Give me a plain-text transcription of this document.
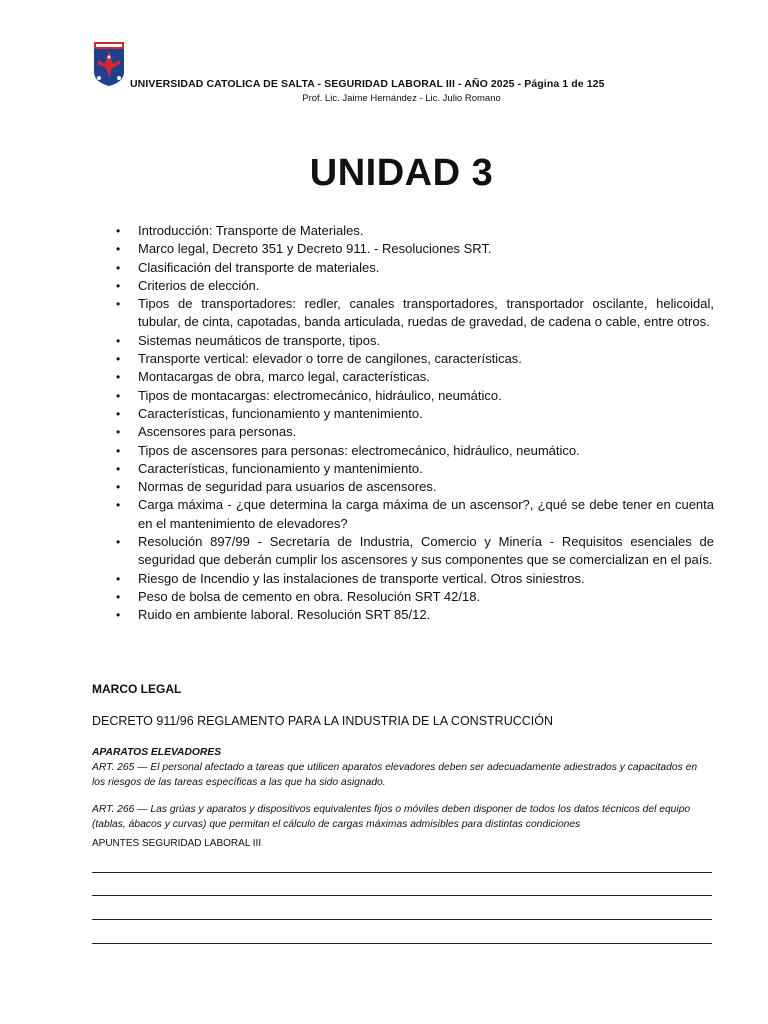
UNIVERSIDAD CATOLICA DE SALTA - SEGURIDAD LABORAL III - AÑO 2025 - Página 1 de 125
Prof. Lic. Jaime Hernández - Lic. Julio Romano
UNIDAD 3
• Introducción: Transporte de Materiales.
• Marco legal, Decreto 351 y Decreto 911. - Resoluciones SRT.
• Clasificación del transporte de materiales.
• Criterios de elección.
• Tipos de transportadores: redler, canales transportadores, transportador oscilante, helicoidal, tubular, de cinta, capotadas, banda articulada, ruedas de gravedad, de cadena o cable, entre otros.
• Sistemas neumáticos de transporte, tipos.
• Transporte vertical: elevador o torre de cangilones, características.
• Montacargas de obra, marco legal, características.
• Tipos de montacargas: electromecánico, hidráulico, neumático.
• Características, funcionamiento y mantenimiento.
• Ascensores para personas.
• Tipos de ascensores para personas: electromecánico, hidráulico, neumático.
• Características, funcionamiento y mantenimiento.
• Normas de seguridad para usuarios de ascensores.
• Carga máxima - ¿que determina la carga máxima de un ascensor?, ¿qué se debe tener en cuenta en el mantenimiento de elevadores?
• Resolución 897/99 - Secretaría de Industria, Comercio y Minería - Requisitos esenciales de seguridad que deberán cumplir los ascensores y sus componentes que se comercializan en el país.
• Riesgo de Incendio y las instalaciones de transporte vertical. Otros siniestros.
• Peso de bolsa de cemento en obra. Resolución SRT 42/18.
• Ruido en ambiente laboral. Resolución SRT 85/12.
MARCO LEGAL
DECRETO 911/96 REGLAMENTO PARA LA INDUSTRIA DE LA CONSTRUCCIÓN
APARATOS ELEVADORES
ART. 265 — El personal afectado a tareas que utilicen aparatos elevadores deben ser adecuadamente adiestrados y capacitados en los riesgos de las tareas específicas a las que ha sido asignado.
ART. 266 — Las grúas y aparatos y dispositivos equivalentes fijos o móviles deben disponer de todos los datos técnicos del equipo (tablas, ábacos y curvas) que permitan el cálculo de cargas máximas admisibles para distintas condiciones
APUNTES SEGURIDAD LABORAL III
